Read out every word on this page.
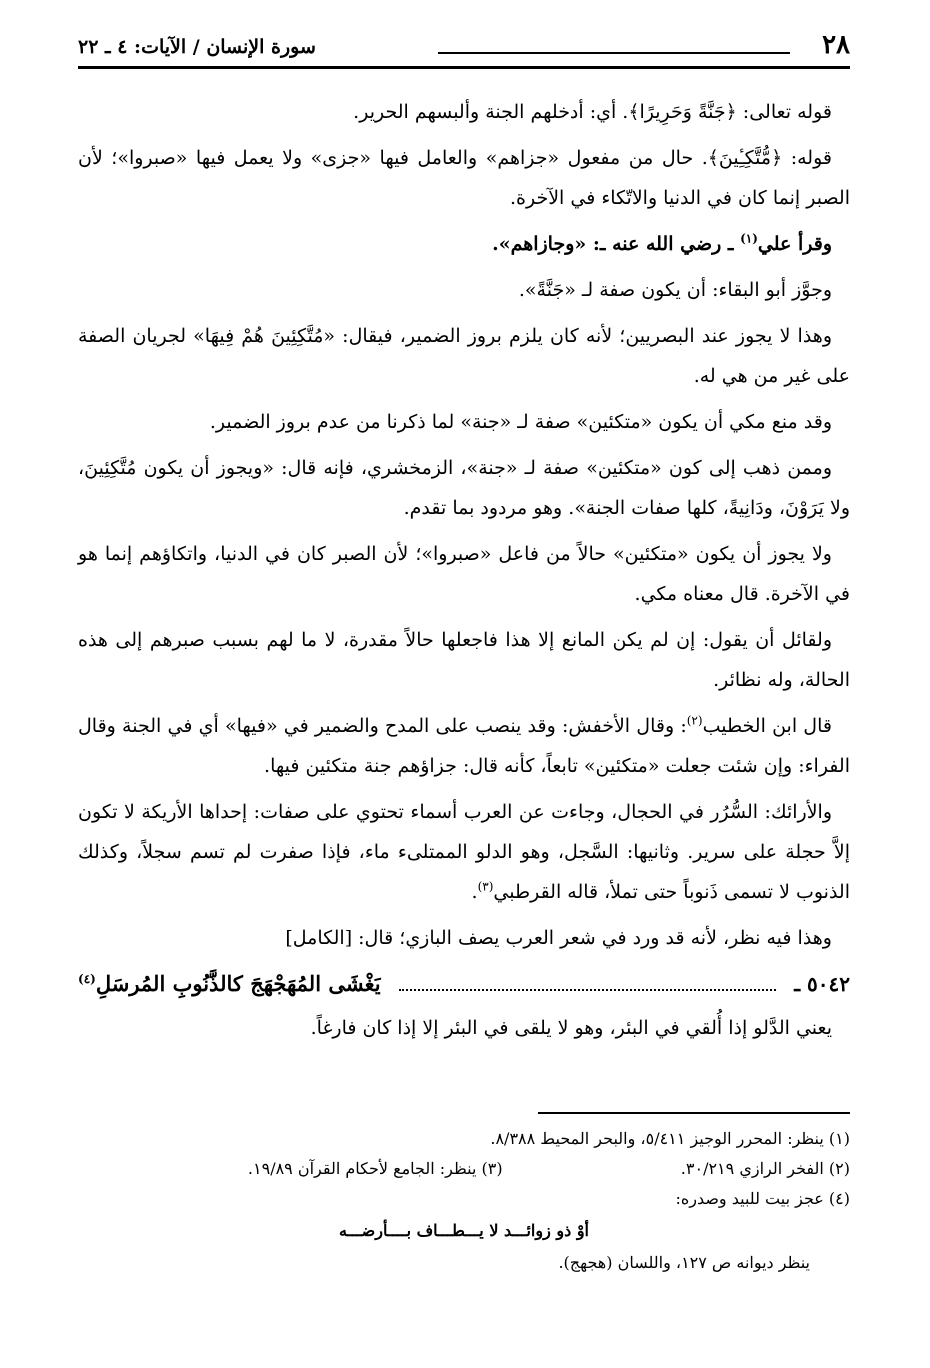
٢٨
سورة الإنسان / الآيات: ٤ ـ ٢٢

قوله تعالى: ﴿جَنَّةً وَحَرِيرًا﴾. أي: أدخلهم الجنة وألبسهم الحرير.

قوله: ﴿مُّتَّكِـِٔينَ﴾. حال من مفعول «جزاهم» والعامل فيها «جزى» ولا يعمل فيها «صبروا»؛ لأن الصبر إنما كان في الدنيا والاتّكاء في الآخرة.

وقرأ علي$^{(١)}$ ـ رضي الله عنه ـ: «وجازاهم».

وجوَّز أبو البقاء: أن يكون صفة لـ «جَنَّةً».

وهذا لا يجوز عند البصريين؛ لأنه كان يلزم بروز الضمير، فيقال: «مُتَّكِئِينَ هُمْ فِيهَا» لجريان الصفة على غير من هي له.

وقد منع مكي أن يكون «متكئين» صفة لـ «جنة» لما ذكرنا من عدم بروز الضمير.

وممن ذهب إلى كون «متكئين» صفة لـ «جنة»، الزمخشري، فإنه قال: «ويجوز أن يكون مُتَّكِئِينَ، ولا يَرَوْنَ، ودَانِيةً، كلها صفات الجنة». وهو مردود بما تقدم.

ولا يجوز أن يكون «متكئين» حالاً من فاعل «صبروا»؛ لأن الصبر كان في الدنيا، واتكاؤهم إنما هو في الآخرة. قال معناه مكي.

ولقائل أن يقول: إن لم يكن المانع إلا هذا فاجعلها حالاً مقدرة، لا ما لهم بسبب صبرهم إلى هذه الحالة، وله نظائر.

قال ابن الخطيب$^{(٢)}$: وقال الأخفش: وقد ينصب على المدح والضمير في «فيها» أي في الجنة وقال الفراء: وإن شئت جعلت «متكئين» تابعاً، كأنه قال: جزاؤهم جنة متكئين فيها.

والأرائك: السُّرُر في الحجال، وجاءت عن العرب أسماء تحتوي على صفات: إحداها الأريكة لا تكون إلاَّ حجلة على سرير. وثانيها: السَّجل، وهو الدلو الممتلىء ماء، فإذا صفرت لم تسم سجلاً، وكذلك الذنوب لا تسمى ذَنوباً حتى تملأ، قاله القرطبي$^{(٣)}$.

وهذا فيه نظر، لأنه قد ورد في شعر العرب يصف البازي؛ قال: [الكامل]

٥٠٤٢ ـ
يَغْشَى المُهَجْهَجَ كالذَّنُوبِ المُرسَلِ$^{(٤)}$

يعني الدَّلو إذا أُلقي في البئر، وهو لا يلقى في البئر إلا إذا كان فارغاً.

(١) ينظر: المحرر الوجيز ٥/٤١١، والبحر المحيط ٨/٣٨٨.

(٢) الفخر الرازي ٣٠/٢١٩.
(٣) ينظر: الجامع لأحكام القرآن ١٩/٨٩.

(٤) عجز بيت للبيد وصدره:

أوْ ذو زوائـــد لا يـــطـــاف بــــأرضـــه

ينظر ديوانه ص ١٢٧، واللسان (هجهج).
